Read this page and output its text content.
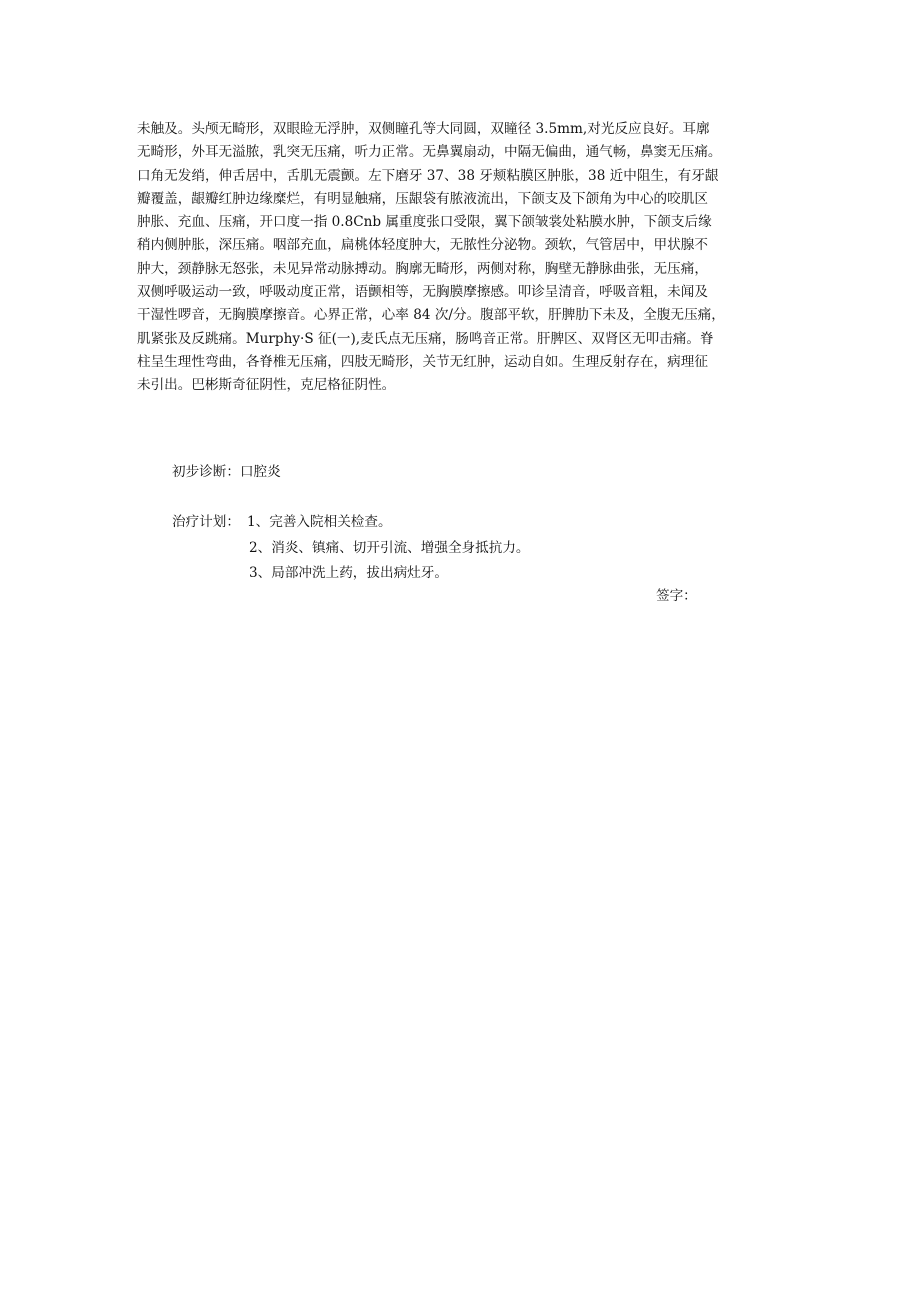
未触及。头颅无畸形，双眼睑无浮肿，双侧瞳孔等大同圆，双瞳径 3.5mm,对光反应良好。耳廓
无畸形，外耳无溢脓，乳突无压痛，听力正常。无鼻翼扇动，中隔无偏曲，通气畅，鼻窦无压痛。
口角无发绡，伸舌居中，舌肌无震颤。左下磨牙 37、38 牙颊粘膜区肿胀，38 近中阻生，有牙龈
瓣覆盖，龈瓣红肿边缘糜烂，有明显触痛，压龈袋有脓液流出，下颌支及下颌角为中心的咬肌区
肿胀、充血、压痛，开口度一指 0.8Cnb 属重度张口受限，翼下颌皱裳处粘膜水肿，下颌支后缘
稍内侧肿胀，深压痛。咽部充血，扁桃体轻度肿大，无脓性分泌物。颈软，气管居中，甲状腺不
肿大，颈静脉无怒张，未见异常动脉搏动。胸廓无畸形，两侧对称，胸壁无静脉曲张，无压痛，
双侧呼吸运动一致，呼吸动度正常，语颤相等，无胸膜摩擦感。叩诊呈清音，呼吸音粗，未闻及
干湿性啰音，无胸膜摩擦音。心界正常，心率 84 次/分。腹部平软，肝脾肋下未及，全腹无压痛，
肌紧张及反跳痛。Murphy·S 征(一),麦氏点无压痛，肠鸣音正常。肝脾区、双肾区无叩击痛。脊
柱呈生理性弯曲，各脊椎无压痛，四肢无畸形，关节无红肿，运动自如。生理反射存在，病理征
未引出。巴彬斯奇征阴性，克尼格征阴性。
初步诊断：口腔炎
治疗计划： 1、完善入院相关检查。
2、消炎、镇痛、切开引流、增强全身抵抗力。
3、局部冲洗上药，拔出病灶牙。
签字：
